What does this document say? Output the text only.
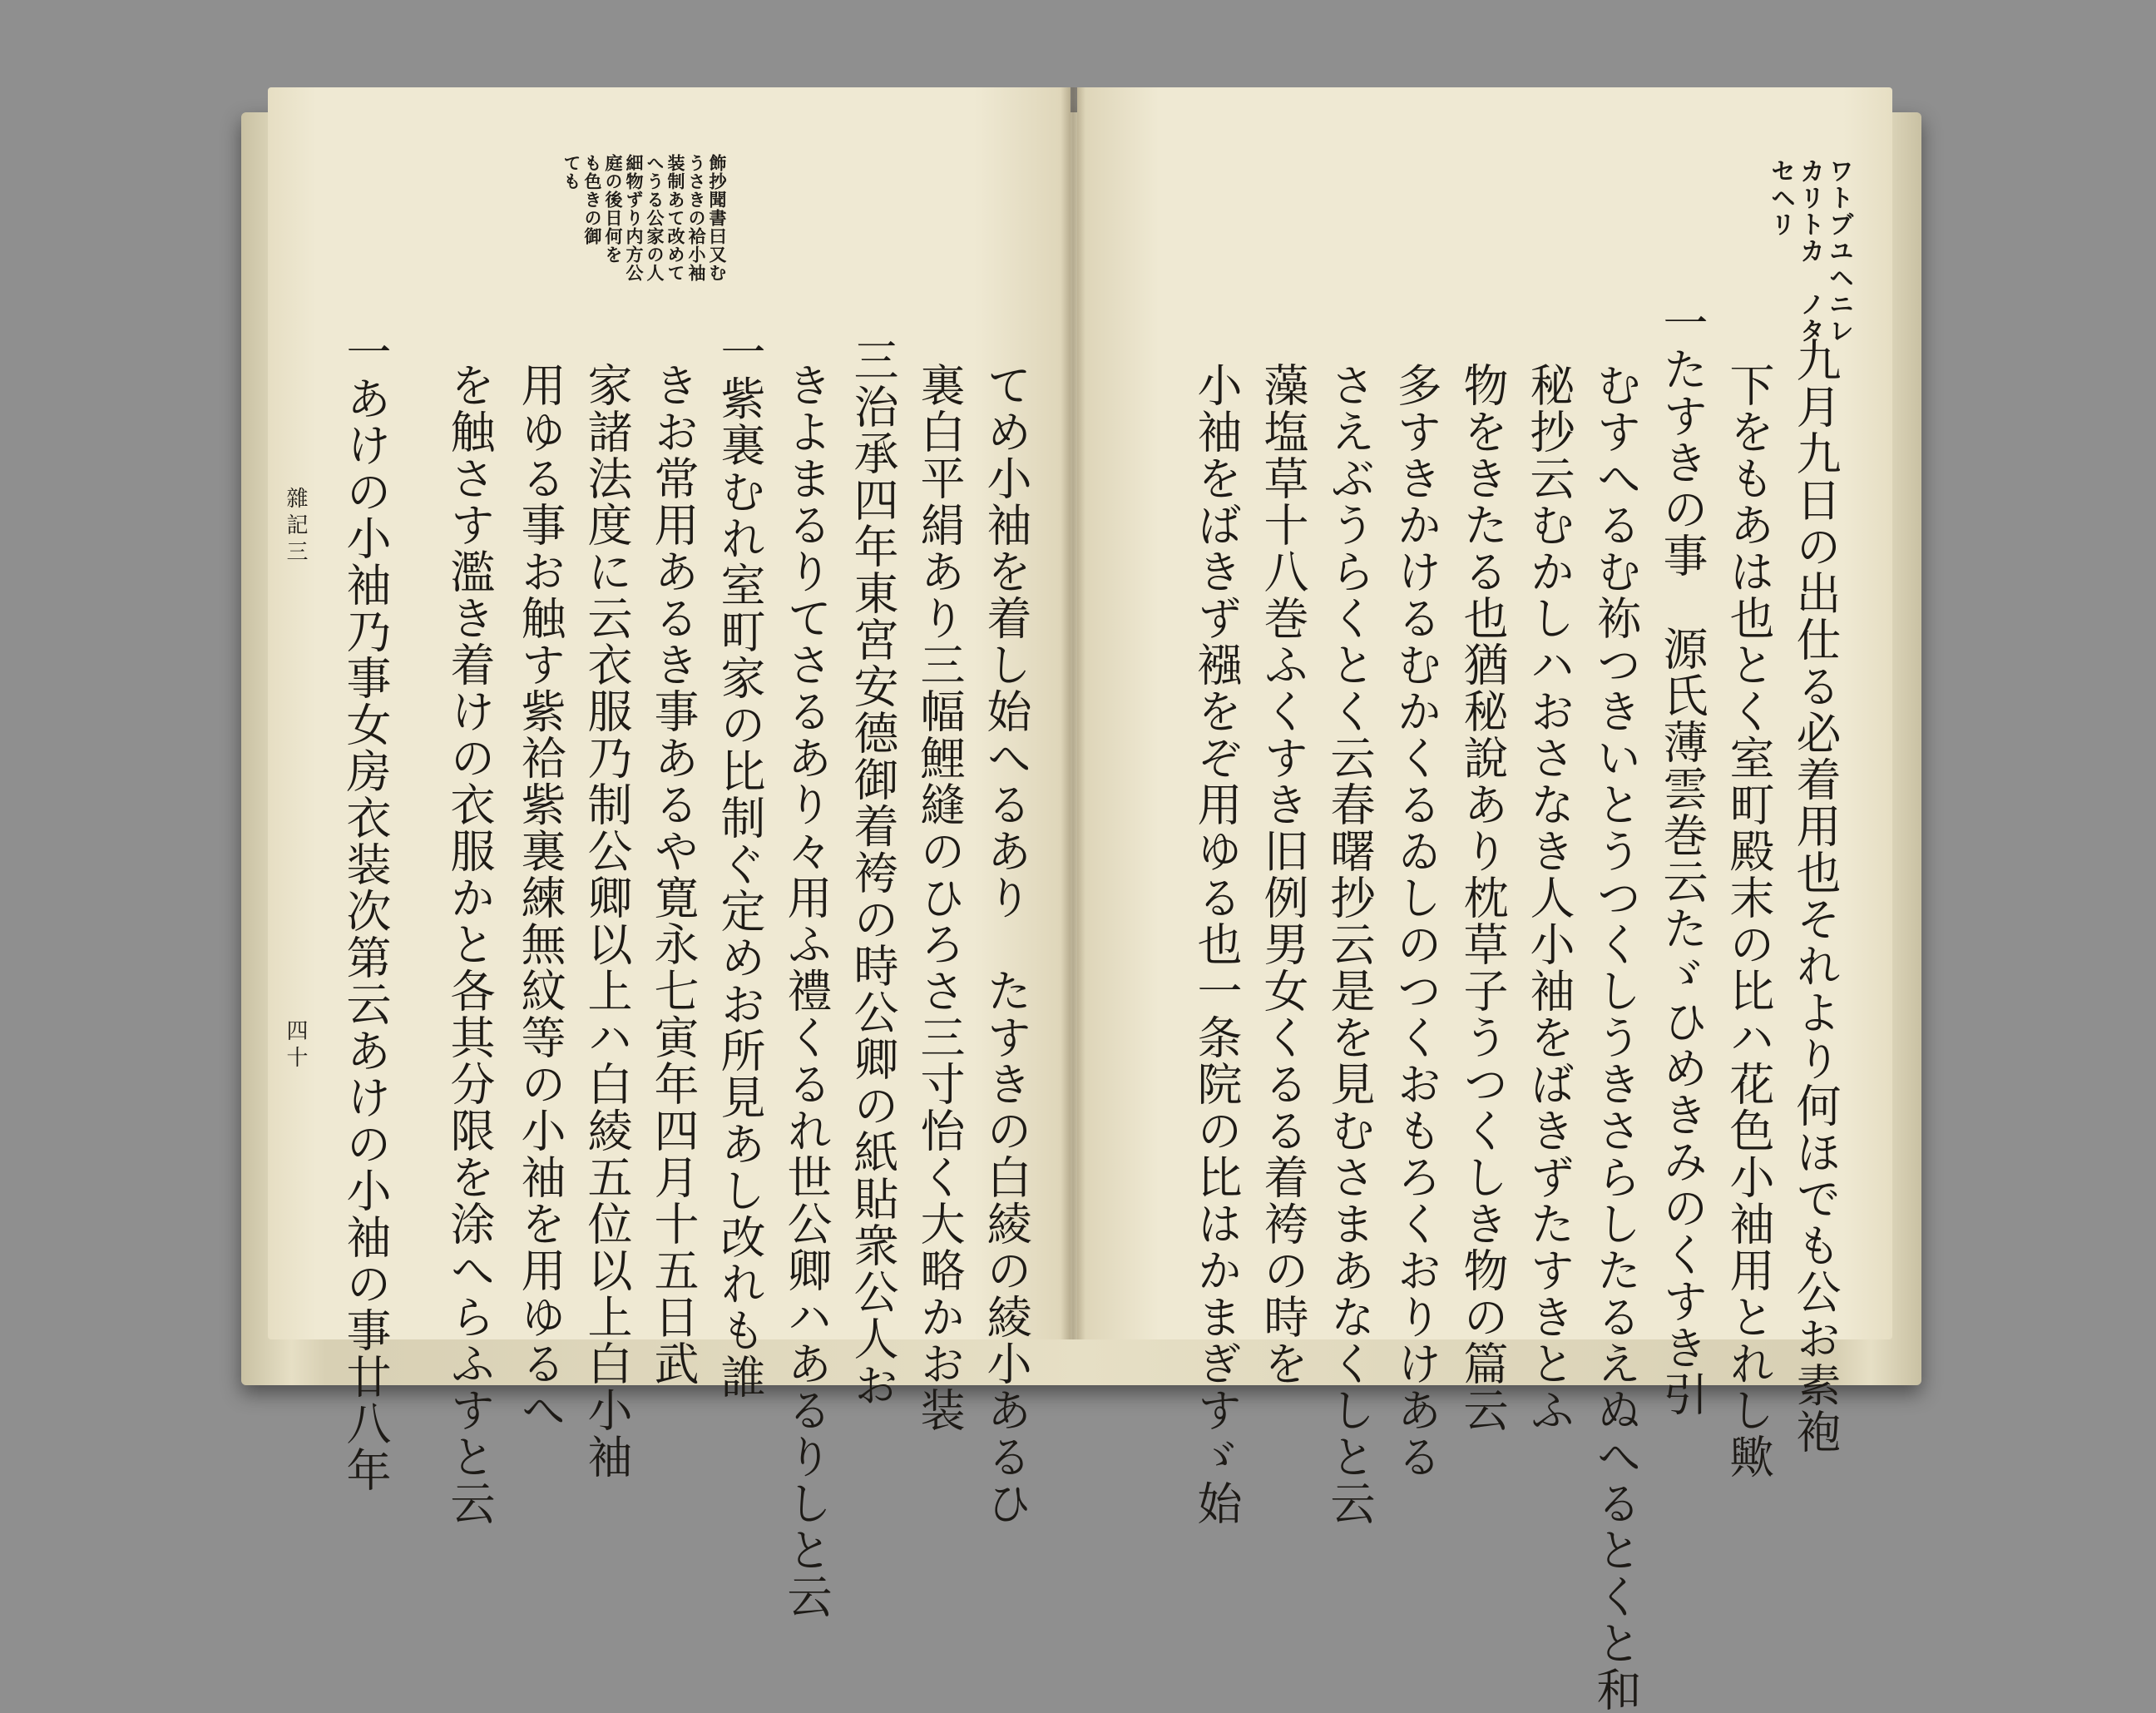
飾抄聞書曰又む
うさきの袷小袖
装制あて改めて
へうる公家の人
細物ずり内方公
庭の後日何を
も色きの御
ても
てめ小袖を着し始へるあり　たすきの白綾の綾小あるひ
裏白平絹あり三幅鯉縫のひろさ三寸怡く大略かお装
三治承四年東宮安德御着袴の時公卿の紙貼衆公人お
きよまるりてさるあり々用ふ禮くるれ世公卿ハあるりしと云
一紫裏むれ室町家の比制ぐ定めお所見あし改れも誰
きお常用あるき事あるや寛永七寅年四月十五日武
家諸法度に云衣服乃制公卿以上ハ白綾五位以上白小袖
用ゆる事お触す紫袷紫裏練無紋等の小袖を用ゆるへ
を触さす濫き着けの衣服かと各其分限を涂へらふすと云
一あけの小袖乃事女房衣装次第云あけの小袖の事廿八年
雜記三
四十
ワトブユヘニレ
カリトカ　ノタ
セヘリ
九月九日の出仕る必着用也それより何ほでも公お素袍
下をもあは也とく室町殿末の比ハ花色小袖用とれし歟
一たすきの事　源氏薄雲巻云たゞひめきみのくすき引
むすへるむ袮つきいとうつくしうきさらしたるえぬへるとくと和
秘抄云むかしハおさなき人小袖をばきずたすきとふ
物をきたる也猶秘說あり枕草子うつくしき物の篇云
多すきかけるむかくるゐしのつくおもろくおりけある
さえぶうらくとく云春曙抄云是を見むさまあなくしと云
藻塩草十八巻ふくすき旧例男女くるる着袴の時を
小袖をばきず襁をぞ用ゆる也一条院の比はかまぎすゞ始
